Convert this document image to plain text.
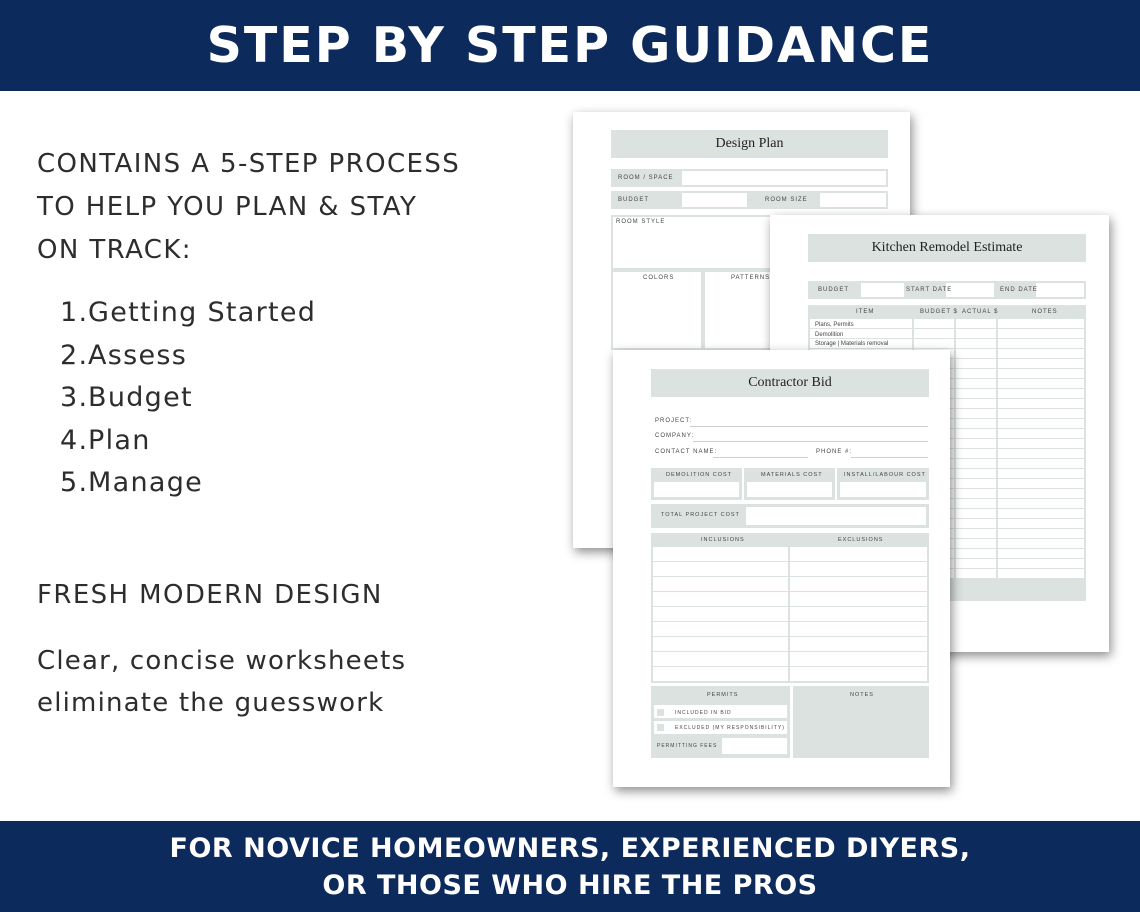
STEP BY STEP GUIDANCE
CONTAINS A 5-STEP PROCESS
TO HELP YOU PLAN & STAY
ON TRACK:
1. Getting Started
2. Assess
3. Budget
4. Plan
5. Manage
FRESH MODERN DESIGN
Clear, concise worksheets
eliminate the guesswork
Design Plan
ROOM / SPACE
BUDGET	ROOM SIZE
ROOM STYLE
COLORS	PATTERNS
Kitchen Remodel Estimate
BUDGET	START DATE	END DATE
ITEM	BUDGET $ ACTUAL $	NOTES
Plans, Permits
Demolition
Storage | Materials removal
Contractor Bid
PROJECT:
COMPANY:
CONTACT NAME:	PHONE #:
DEMOLITION COST	MATERIALS COST	INSTALL/LABOUR COST
TOTAL PROJECT COST
INCLUSIONS	EXCLUSIONS
PERMITS
INCLUDED IN BID
EXCLUDED (MY RESPONSIBILITY)
PERMITTING FEES
NOTES
FOR NOVICE HOMEOWNERS, EXPERIENCED DIYERS,
OR THOSE WHO HIRE THE PROS
